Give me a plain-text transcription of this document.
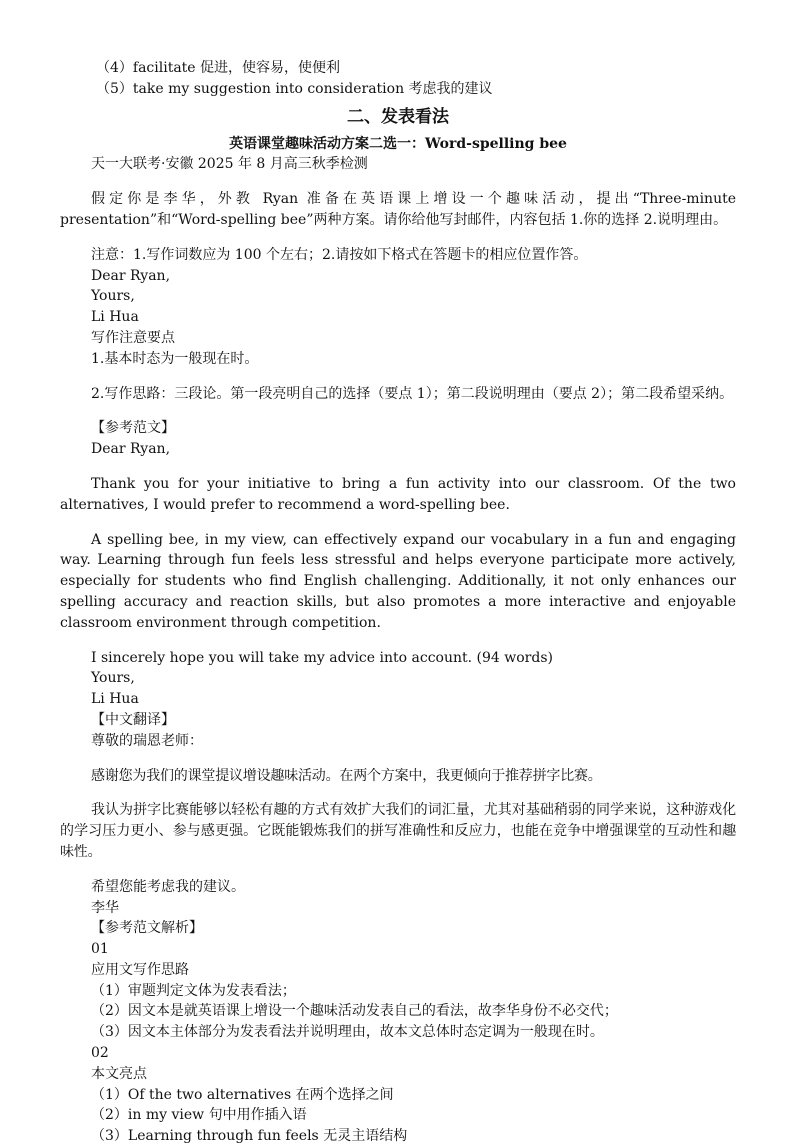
（4）facilitate 促进，使容易，使便利

（5）take my suggestion into consideration 考虑我的建议

二、发表看法

英语课堂趣味活动方案二选一：Word-spelling bee

天一大联考·安徽 2025 年 8 月高三秋季检测

假定你是李华，外教 Ryan 准备在英语课上增设一个趣味活动，提出“Three-minute presentation”和“Word-spelling bee”两种方案。请你给他写封邮件，内容包括 1.你的选择 2.说明理由。

注意：1.写作词数应为 100 个左右；2.请按如下格式在答题卡的相应位置作答。

Dear Ryan,

Yours,

Li Hua

写作注意要点

1.基本时态为一般现在时。

2.写作思路：三段论。第一段亮明自己的选择（要点 1）；第二段说明理由（要点 2）；第二段希望采纳。

【参考范文】

Dear Ryan,

Thank you for your initiative to bring a fun activity into our classroom. Of the two alternatives, I would prefer to recommend a word-spelling bee.

A spelling bee, in my view, can effectively expand our vocabulary in a fun and engaging way. Learning through fun feels less stressful and helps everyone participate more actively, especially for students who find English challenging. Additionally, it not only enhances our spelling accuracy and reaction skills, but also promotes a more interactive and enjoyable classroom environment through competition.

I sincerely hope you will take my advice into account. (94 words)

Yours,

Li Hua

【中文翻译】

尊敬的瑞恩老师：

感谢您为我们的课堂提议增设趣味活动。在两个方案中，我更倾向于推荐拼字比赛。

我认为拼字比赛能够以轻松有趣的方式有效扩大我们的词汇量，尤其对基础稍弱的同学来说，这种游戏化的学习压力更小、参与感更强。它既能锻炼我们的拼写准确性和反应力，也能在竞争中增强课堂的互动性和趣味性。

希望您能考虑我的建议。

李华

【参考范文解析】

01

应用文写作思路

（1）审题判定文体为发表看法；

（2）因文本是就英语课上增设一个趣味活动发表自己的看法，故李华身份不必交代；

（3）因文本主体部分为发表看法并说明理由，故本文总体时态定调为一般现在时。

02

本文亮点

（1）Of the two alternatives 在两个选择之间

（2）in my view 句中用作插入语

（3）Learning through fun feels 无灵主语结构
